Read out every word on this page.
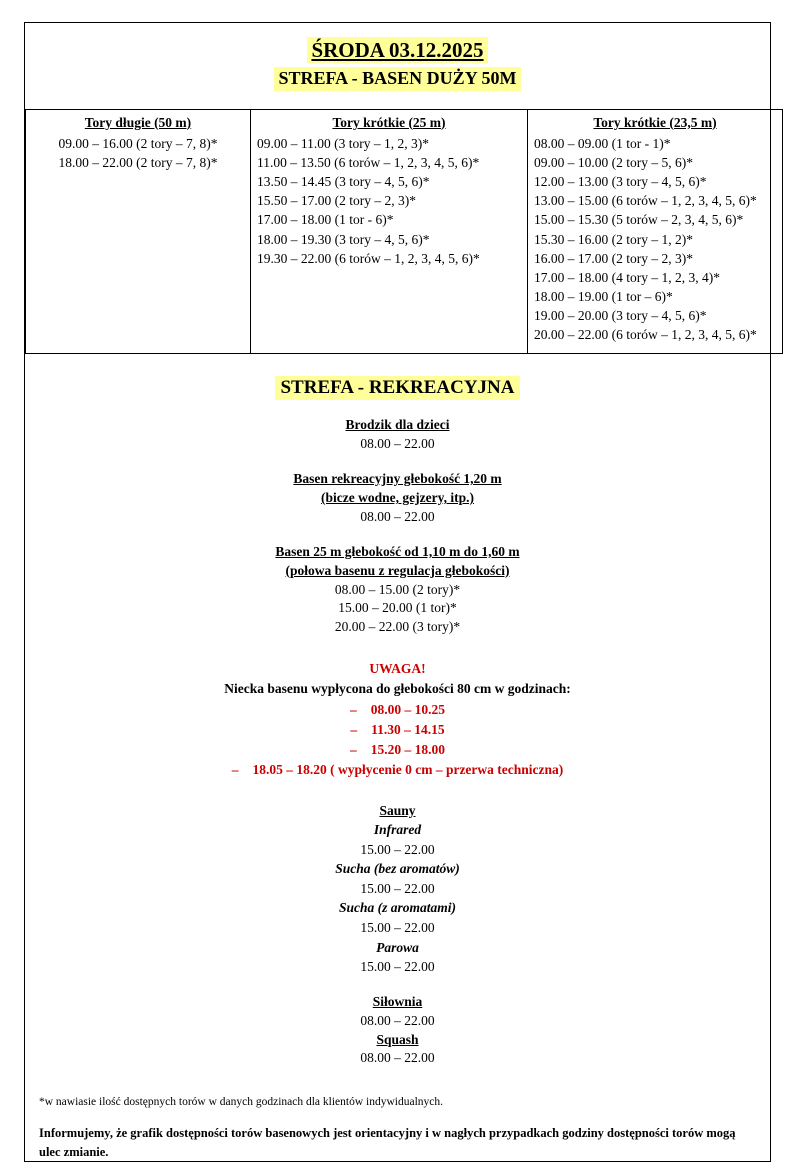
ŚRODA 03.12.2025
STREFA - BASEN DUŻY 50M
Tory długie (50 m)
09.00 – 16.00 (2 tory – 7, 8)*
18.00 – 22.00 (2 tory – 7, 8)*

Tory krótkie (25 m)
09.00 – 11.00 (3 tory – 1, 2, 3)*
11.00 – 13.50 (6 torów – 1, 2, 3, 4, 5, 6)*
13.50 – 14.45 (3 tory – 4, 5, 6)*
15.50 – 17.00 (2 tory – 2, 3)*
17.00 – 18.00 (1 tor - 6)*
18.00 – 19.30 (3 tory – 4, 5, 6)*
19.30 – 22.00 (6 torów – 1, 2, 3, 4, 5, 6)*

Tory krótkie (23,5 m)
08.00 – 09.00 (1 tor - 1)*
09.00 – 10.00 (2 tory – 5, 6)*
12.00 – 13.00 (3 tory – 4, 5, 6)*
13.00 – 15.00 (6 torów – 1, 2, 3, 4, 5, 6)*
15.00 – 15.30 (5 torów – 2, 3, 4, 5, 6)*
15.30 – 16.00 (2 tory – 1, 2)*
16.00 – 17.00 (2 tory – 2, 3)*
17.00 – 18.00 (4 tory – 1, 2, 3, 4)*
18.00 – 19.00 (1 tor – 6)*
19.00 – 20.00 (3 tory – 4, 5, 6)*
20.00 – 22.00 (6 torów – 1, 2, 3, 4, 5, 6)*
STREFA - REKREACYJNA
Brodzik dla dzieci
08.00 – 22.00
Basen rekreacyjny głebokość 1,20 m
(bicze wodne, gejzery, itp.)
08.00 – 22.00
Basen 25 m głebokość od 1,10 m do 1,60 m
(połowa basenu z regulacja głebokości)
08.00 – 15.00 (2 tory)*
15.00 – 20.00 (1 tor)*
20.00 – 22.00 (3 tory)*
UWAGA!
Niecka basenu wypłycona do głebokości 80 cm w godzinach:
– 08.00 – 10.25
– 11.30 – 14.15
– 15.20 – 18.00
– 18.05 – 18.20 ( wypłycenie 0 cm – przerwa techniczna)
Sauny
Infrared
15.00 – 22.00
Sucha (bez aromatów)
15.00 – 22.00
Sucha (z aromatami)
15.00 – 22.00
Parowa
15.00 – 22.00
Siłownia
08.00 – 22.00
Squash
08.00 – 22.00
*w nawiasie ilość dostępnych torów w danych godzinach dla klientów indywidualnych.
Informujemy, że grafik dostępności torów basenowych jest orientacyjny i w nagłych przypadkach godziny dostępności torów mogą ulec zmianie.
